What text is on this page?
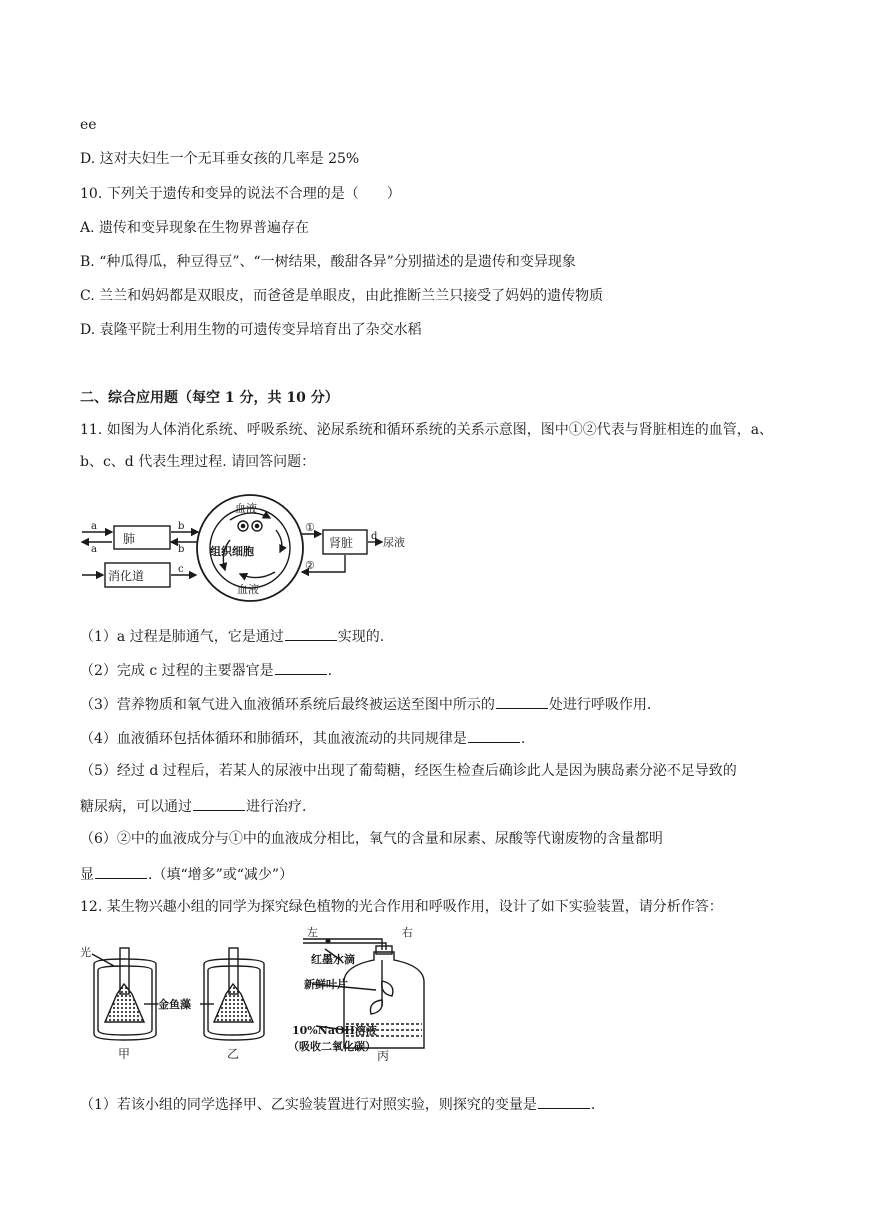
ee
D. 这对夫妇生一个无耳垂女孩的几率是 25%
10. 下列关于遗传和变异的说法不合理的是（　　）
A. 遗传和变异现象在生物界普遍存在
B. “种瓜得瓜，种豆得豆”、“一树结果，酸甜各异”分别描述的是遗传和变异现象
C. 兰兰和妈妈都是双眼皮，而爸爸是单眼皮，由此推断兰兰只接受了妈妈的遗传物质
D. 袁隆平院士利用生物的可遗传变异培育出了杂交水稻
二、综合应用题（每空 1 分，共 10 分）
11. 如图为人体消化系统、呼吸系统、泌尿系统和循环系统的关系示意图，图中①②代表与肾脏相连的血管，a、b、c、d 代表生理过程. 请回答问题：
肺
消化道
肾脏	尿液
血液
血液
组织细胞
a
a
b
b
c
d
①
②
（1）a 过程是肺通气，它是通过	实现的.
（2）完成 c 过程的主要器官是	.
（3）营养物质和氧气进入血液循环系统后最终被运送至图中所示的	处进行呼吸作用.
（4）血液循环包括体循环和肺循环，其血液流动的共同规律是	.
（5）经过 d 过程后，若某人的尿液中出现了葡萄糖，经医生检查后确诊此人是因为胰岛素分泌不足导致的
糖尿病，可以通过	进行治疗.
（6）②中的血液成分与①中的血液成分相比，氧气的含量和尿素、尿酸等代谢废物的含量都明
显	.（填“增多”或“减少”）
12. 某生物兴趣小组的同学为探究绿色植物的光合作用和呼吸作用，设计了如下实验装置，请分析作答：
光
金鱼藻
甲	乙	丙
左	右
红墨水滴
新鲜叶片
10%NaOH溶液
（吸收二氧化碳）
（1）若该小组的同学选择甲、乙实验装置进行对照实验，则探究的变量是	.
